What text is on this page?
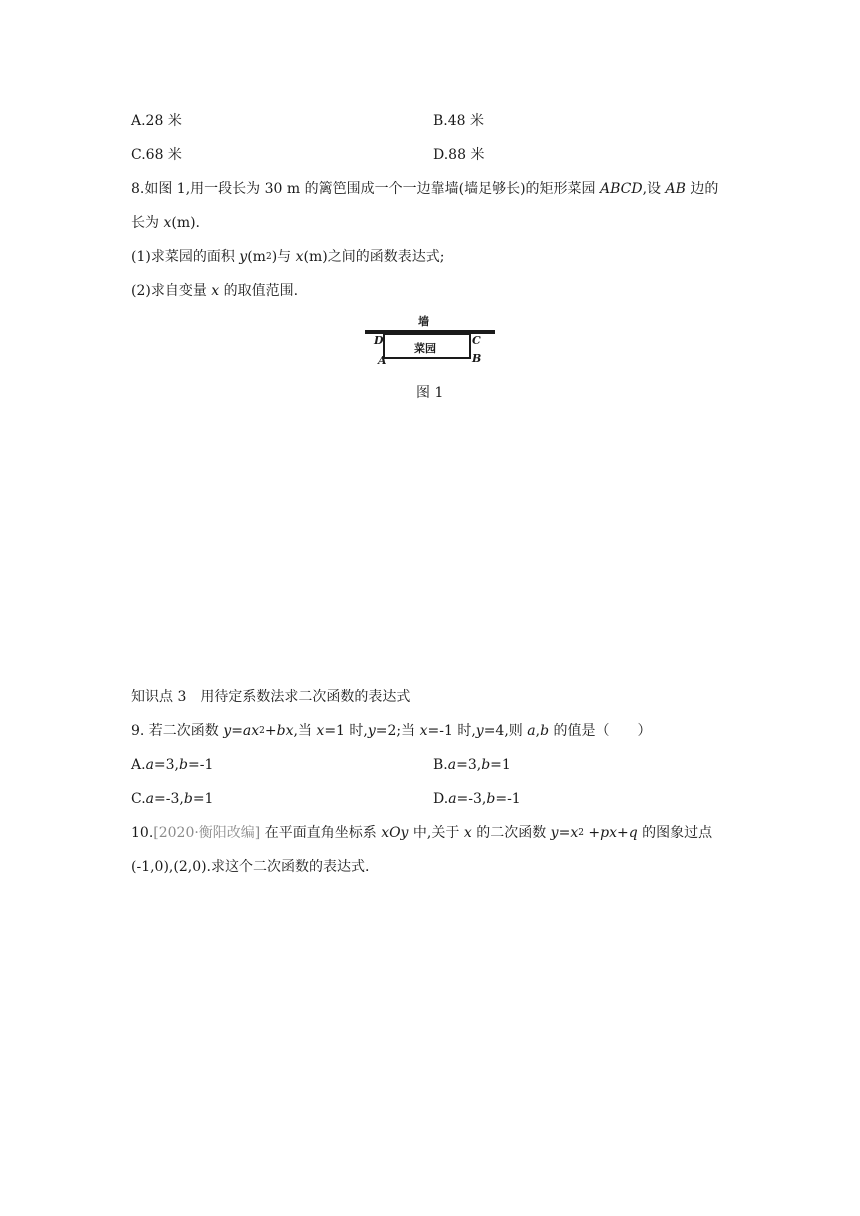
A.28 米	B.48 米
C.68 米	D.88 米
8.如图 1,用一段长为 30 m 的篱笆围成一个一边靠墙(墙足够长)的矩形菜园 ABCD,设 AB 边的
长为 x(m).
(1)求菜园的面积 $y(m^2)$与 x(m)之间的函数表达式;
(2)求自变量 x 的取值范围.
墙
菜园
D	C
A	B
图 1
知识点 3　用待定系数法求二次函数的表达式
9. 若二次函数 $y=ax^2+bx$,当 x=1 时,y=2;当 x=-1 时,y=4,则 a,b 的值是（　　）
A.a=3,b=-1	B.a=3,b=1
C.a=-3,b=1	D.a=-3,b=-1
10.[2020·衡阳改编] 在平面直角坐标系 xOy 中,关于 x 的二次函数 $y=x^2 +px+q$ 的图象过点
(-1,0),(2,0).求这个二次函数的表达式.
